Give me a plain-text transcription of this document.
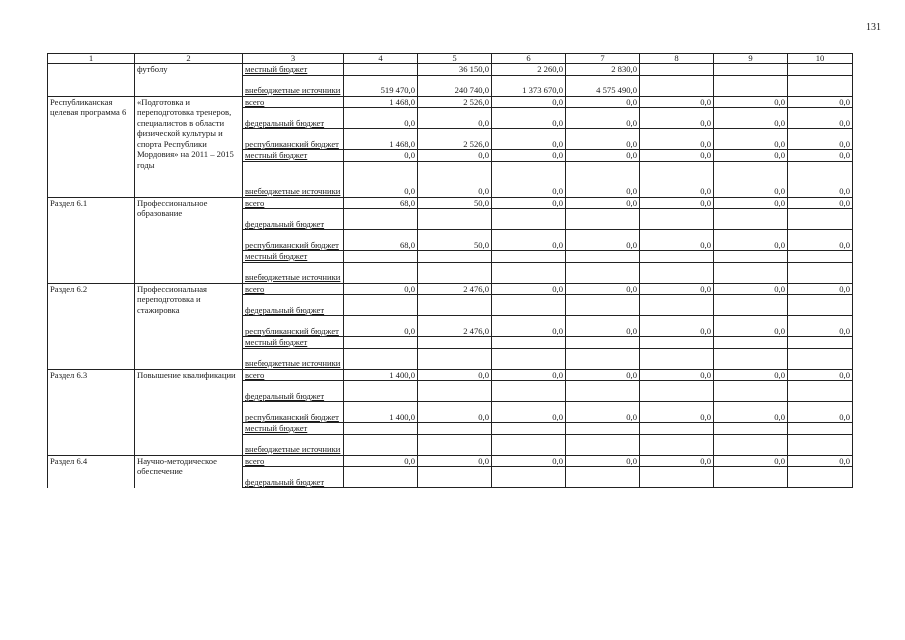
131
1	2	3	4	5	6	7	8	9	10
	футболу	местный бюджет		36 150,0	2 260,0	2 830,0			
		внебюджетные источники	519 470,0	240 740,0	1 373 670,0	4 575 490,0			
Республиканская целевая программа 6	«Подготовка и переподготовка тренеров, специалистов в области физической культуры и спорта Республики Мордовия» на 2011 – 2015 годы	всего	1 468,0	2 526,0	0,0	0,0	0,0	0,0	0,0
		федеральный бюджет	0,0	0,0	0,0	0,0	0,0	0,0	0,0
		республиканский бюджет	1 468,0	2 526,0	0,0	0,0	0,0	0,0	0,0
		местный бюджет	0,0	0,0	0,0	0,0	0,0	0,0	0,0
		внебюджетные источники	0,0	0,0	0,0	0,0	0,0	0,0	0,0
Раздел 6.1	Профессиональное образование	всего	68,0	50,0	0,0	0,0	0,0	0,0	0,0
		федеральный бюджет							
		республиканский бюджет	68,0	50,0	0,0	0,0	0,0	0,0	0,0
		местный бюджет							
		внебюджетные источники							
Раздел 6.2	Профессиональная переподготовка и стажировка	всего	0,0	2 476,0	0,0	0,0	0,0	0,0	0,0
		федеральный бюджет							
		республиканский бюджет	0,0	2 476,0	0,0	0,0	0,0	0,0	0,0
		местный бюджет							
		внебюджетные источники							
Раздел 6.3	Повышение квалификации	всего	1 400,0	0,0	0,0	0,0	0,0	0,0	0,0
		федеральный бюджет							
		республиканский бюджет	1 400,0	0,0	0,0	0,0	0,0	0,0	0,0
		местный бюджет							
		внебюджетные источники							
Раздел 6.4	Научно-методическое обеспечение	всего	0,0	0,0	0,0	0,0	0,0	0,0	0,0
		федеральный бюджет							
